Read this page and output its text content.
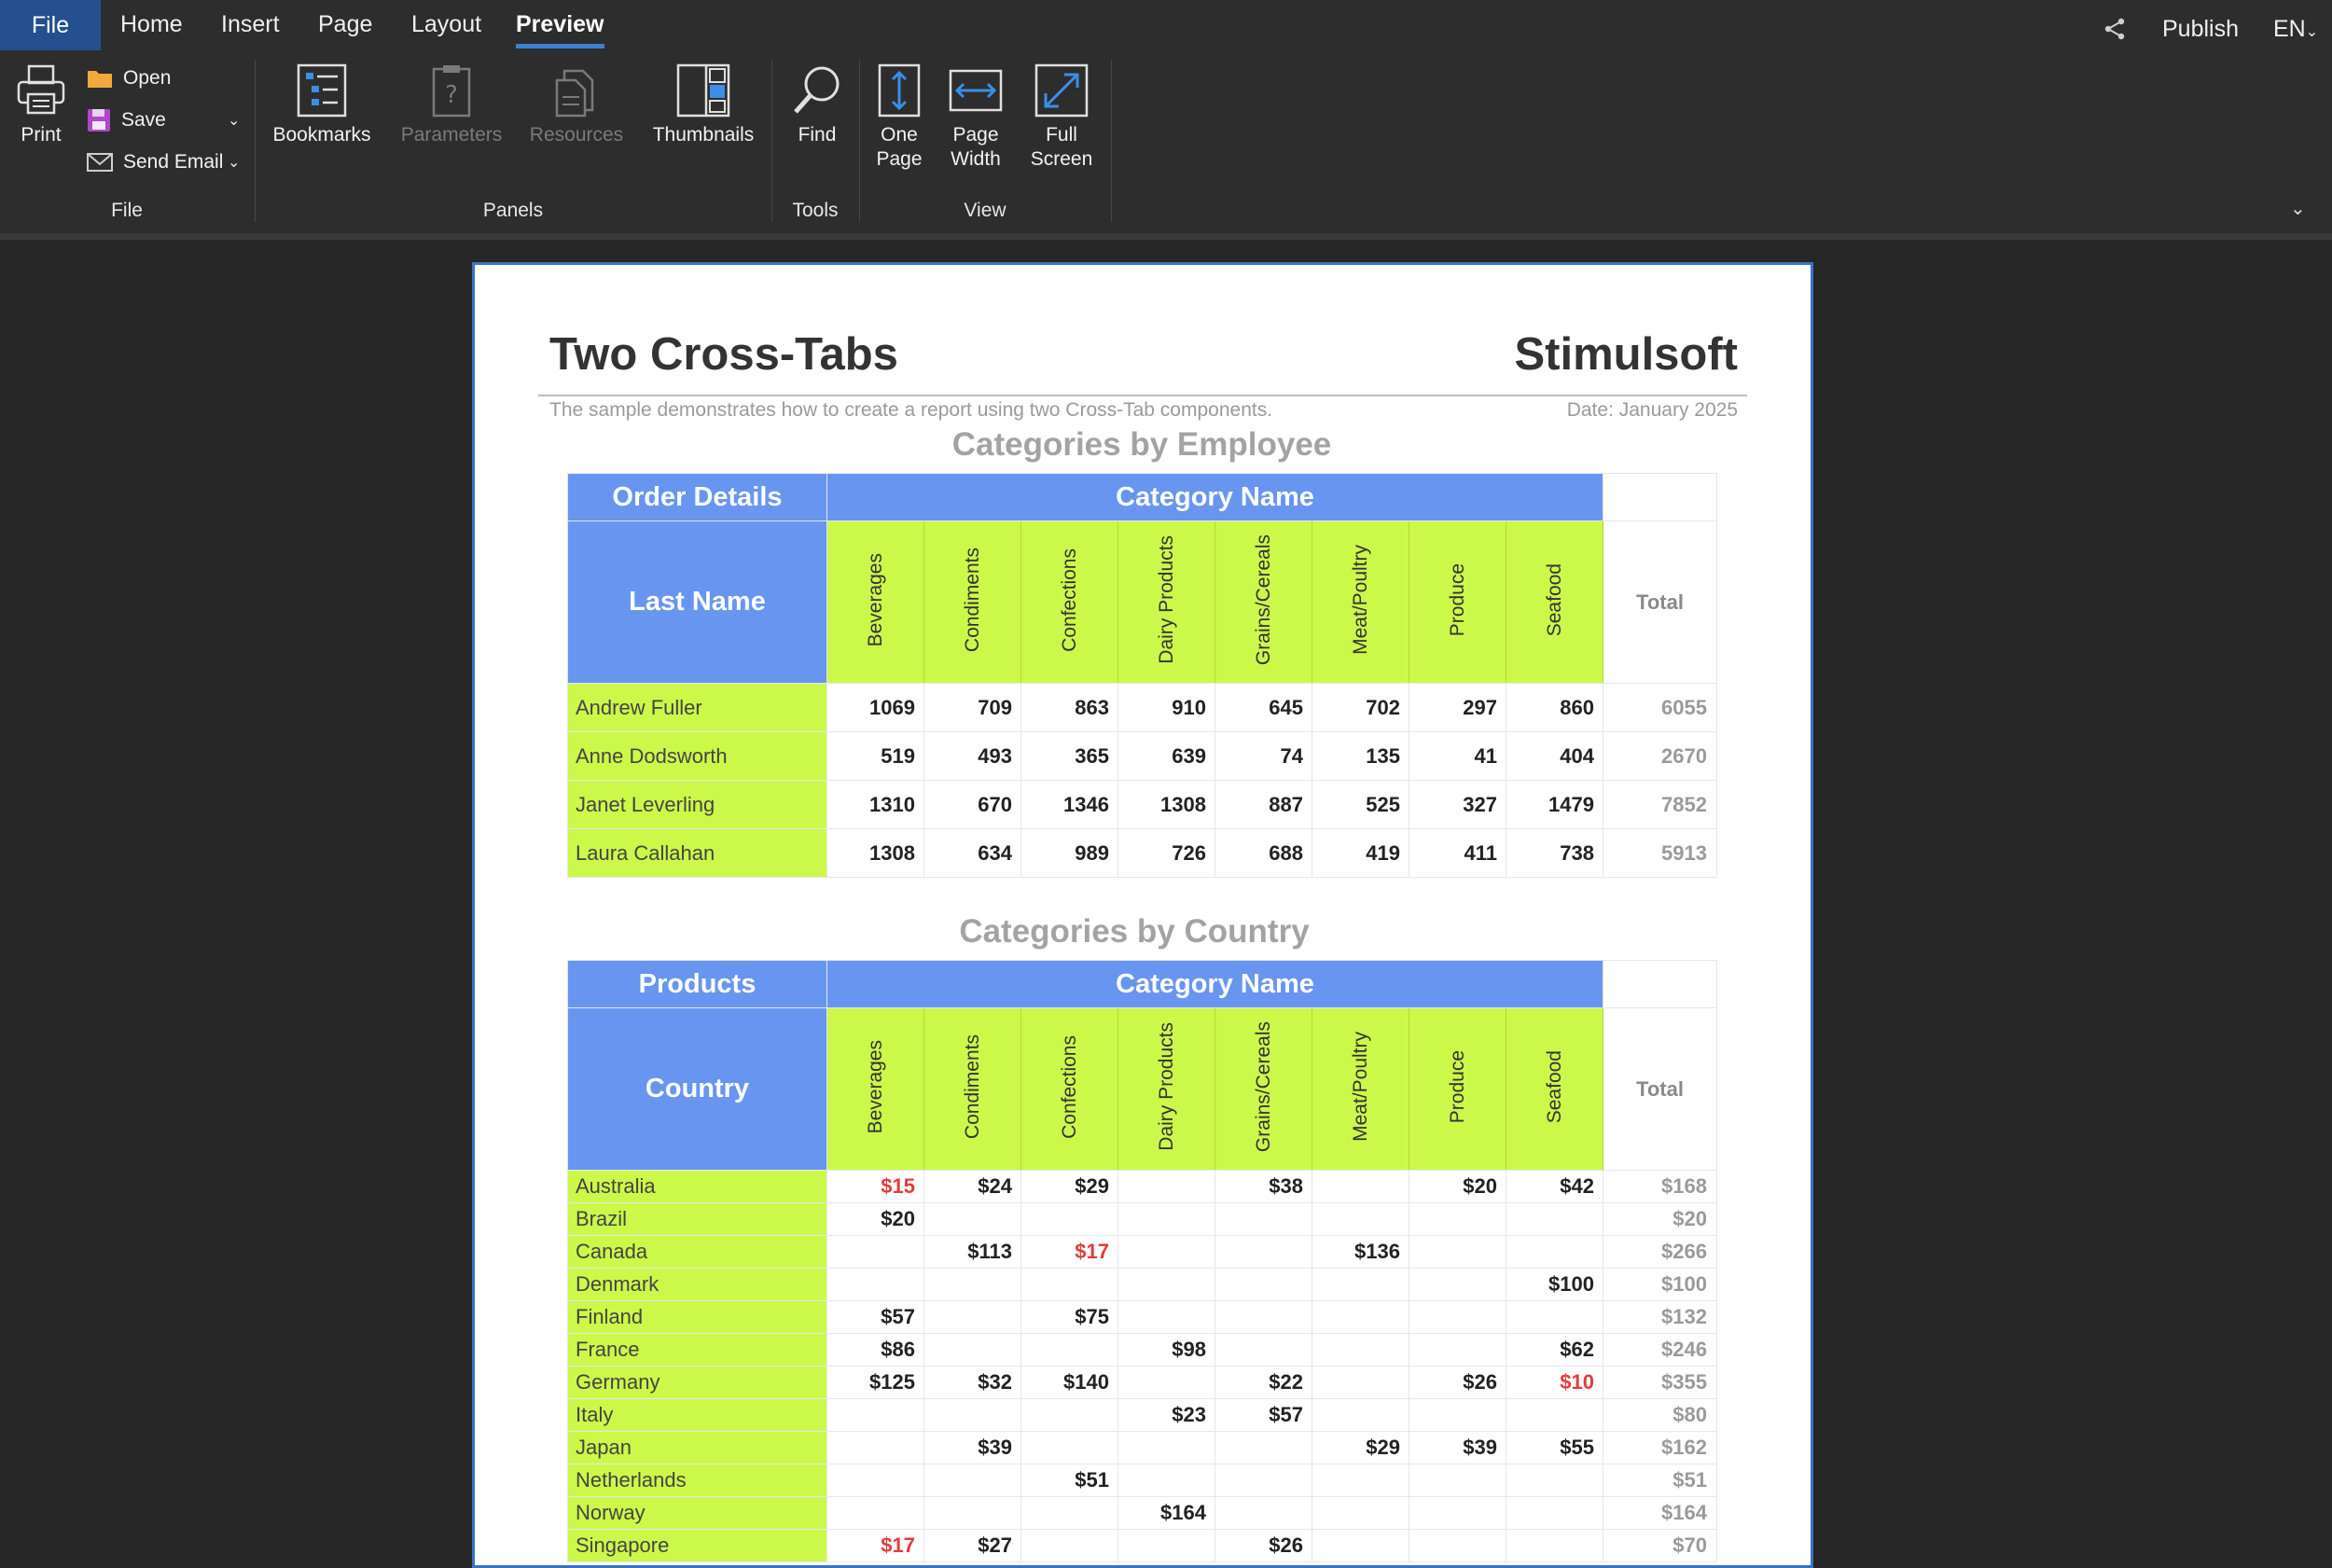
File	Home Insert Page Layout Preview	Publish EN⌄
Print
Open
Save	⌄
Send Email ⌄
Bookmarks
?
Parameters	Resources	Thumbnails	Find	One
Page
Page
Width
Full
Screen
File	Panels	Tools	View	⌄
Two Cross-Tabs	Stimulsoft
The sample demonstrates how to create a report using two Cross-Tab components.	Date: January 2025
Categories by Employee
Order Details	Category Name								
Last Name	Beverages	Condiments	Confections	Dairy Products	Grains/Cereals	Meat/Poultry	Produce	Seafood	Total
Andrew Fuller	1069	709	863	910	645	702	297	860	6055
Anne Dodsworth	519	493	365	639	74	135	41	404	2670
Janet Leverling	1310	670	1346	1308	887	525	327	1479	7852
Laura Callahan	1308	634	989	726	688	419	411	738	5913
Categories by Country
Products	Category Name								
Country	Beverages	Condiments	Confections	Dairy Products	Grains/Cereals	Meat/Poultry	Produce	Seafood	Total
Australia	$15	$24	$29		$38		$20	$42	$168
Brazil	$20								$20
Canada		$113	$17			$136			$266
Denmark								$100	$100
Finland	$57		$75						$132
France	$86			$98				$62	$246
Germany	$125	$32	$140		$22		$26	$10	$355
Italy				$23	$57				$80
Japan		$39				$29	$39	$55	$162
Netherlands			$51						$51
Norway				$164					$164
Singapore	$17	$27			$26				$70
